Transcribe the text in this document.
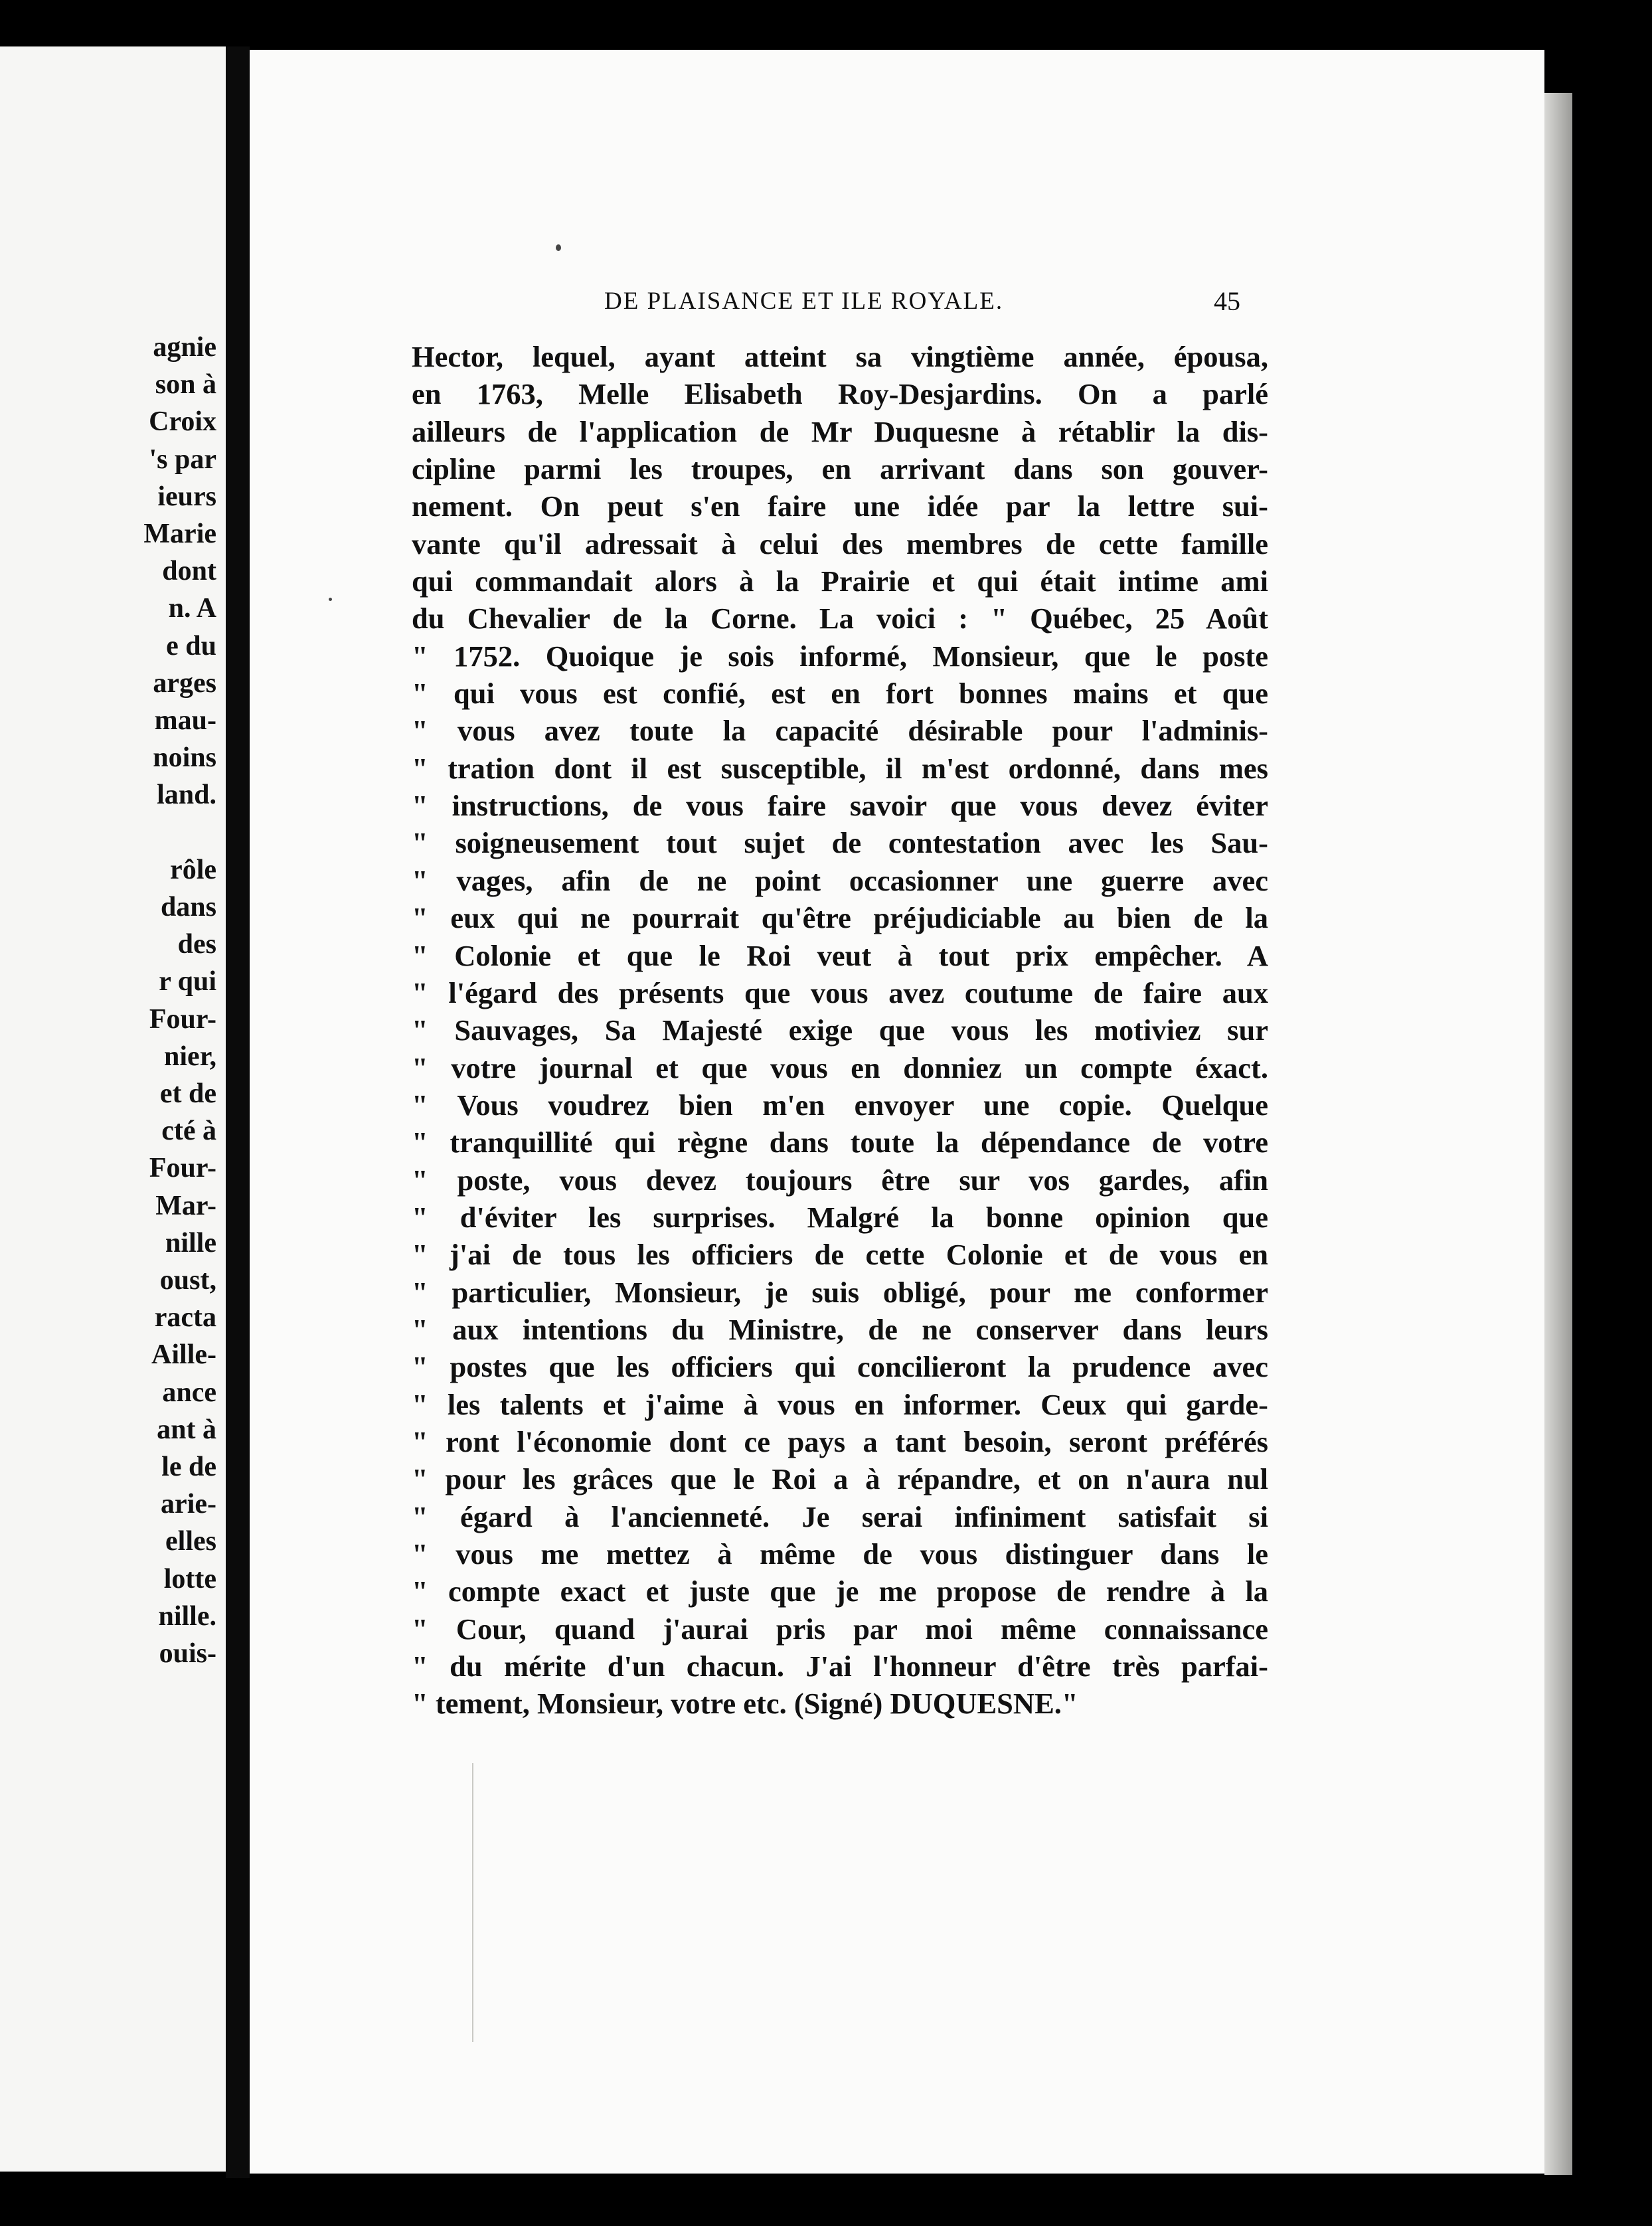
agnie
son à
Croix
's par
ieurs
Marie
dont
n. A
e du
arges
mau-
noins
land.
rôle
dans
des
r qui
Four-
nier,
et de
cté à
Four-
Mar-
nille
oust,
racta
Aille-
ance
ant à
le de
arie-
elles
lotte
nille.
ouis-
DE PLAISANCE ET ILE ROYALE.	45
Hector, lequel, ayant atteint sa vingtième année, épousa,
en 1763, Melle Elisabeth Roy-Desjardins. On a parlé
ailleurs de l'application de Mr Duquesne à rétablir la dis-
cipline parmi les troupes, en arrivant dans son gouver-
nement. On peut s'en faire une idée par la lettre sui-
vante qu'il adressait à celui des membres de cette famille
qui commandait alors à la Prairie et qui était intime ami
du Chevalier de la Corne. La voici : " Québec, 25 Août
" 1752. Quoique je sois informé, Monsieur, que le poste
" qui vous est confié, est en fort bonnes mains et que
" vous avez toute la capacité désirable pour l'adminis-
" tration dont il est susceptible, il m'est ordonné, dans mes
" instructions, de vous faire savoir que vous devez éviter
" soigneusement tout sujet de contestation avec les Sau-
" vages, afin de ne point occasionner une guerre avec
" eux qui ne pourrait qu'être préjudiciable au bien de la
" Colonie et que le Roi veut à tout prix empêcher. A
" l'égard des présents que vous avez coutume de faire aux
" Sauvages, Sa Majesté exige que vous les motiviez sur
" votre journal et que vous en donniez un compte éxact.
" Vous voudrez bien m'en envoyer une copie. Quelque
" tranquillité qui règne dans toute la dépendance de votre
" poste, vous devez toujours être sur vos gardes, afin
" d'éviter les surprises. Malgré la bonne opinion que
" j'ai de tous les officiers de cette Colonie et de vous en
" particulier, Monsieur, je suis obligé, pour me conformer
" aux intentions du Ministre, de ne conserver dans leurs
" postes que les officiers qui concilieront la prudence avec
" les talents et j'aime à vous en informer. Ceux qui garde-
" ront l'économie dont ce pays a tant besoin, seront préférés
" pour les grâces que le Roi a à répandre, et on n'aura nul
" égard à l'ancienneté. Je serai infiniment satisfait si
" vous me mettez à même de vous distinguer dans le
" compte exact et juste que je me propose de rendre à la
" Cour, quand j'aurai pris par moi même connaissance
" du mérite d'un chacun. J'ai l'honneur d'être très parfai-
" tement, Monsieur, votre etc. (Signé) DUQUESNE."
